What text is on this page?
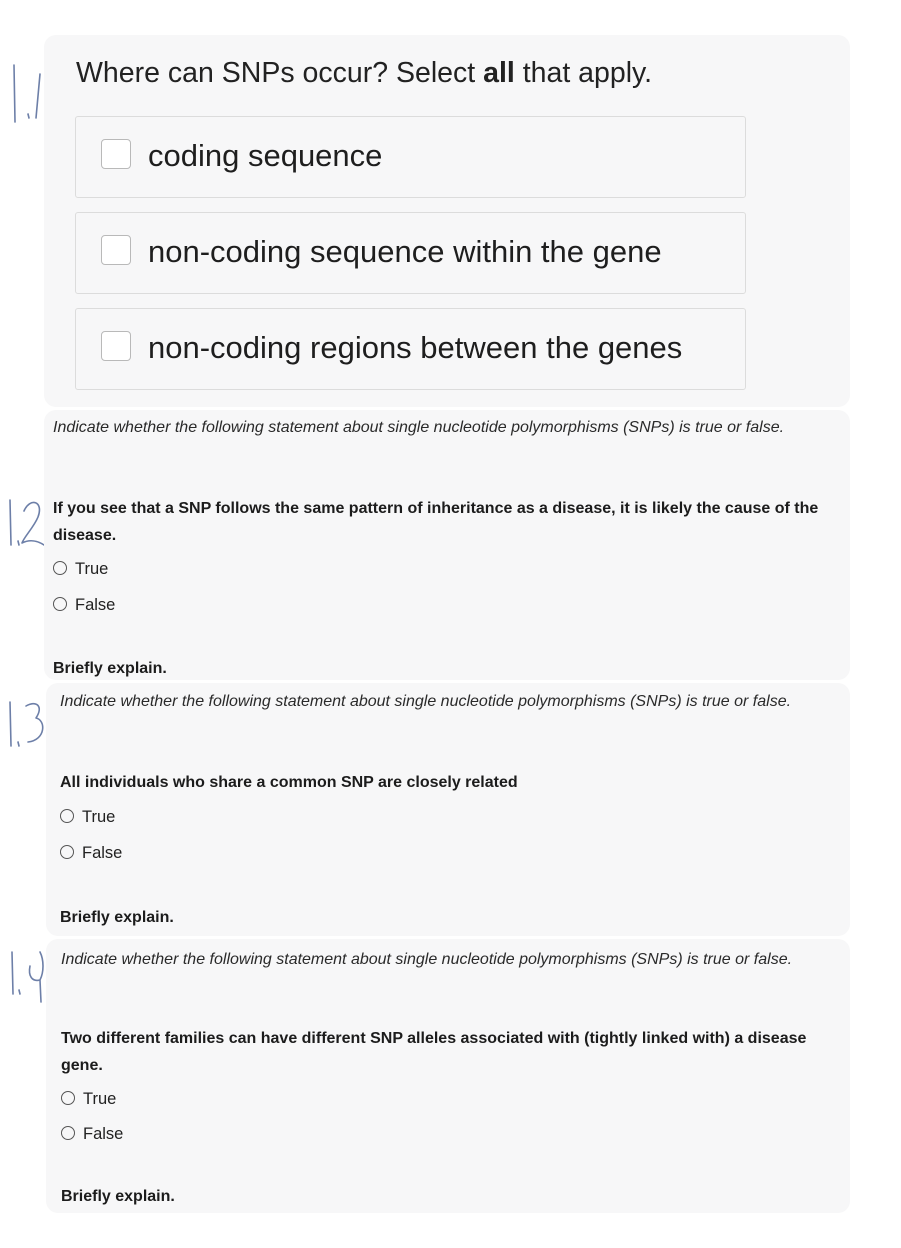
Where can SNPs occur? Select all that apply.
coding sequence
non-coding sequence within the gene
non-coding regions between the genes
Indicate whether the following statement about single nucleotide polymorphisms (SNPs) is true or false.
If you see that a SNP follows the same pattern of inheritance as a disease, it is likely the cause of the disease.
True
False
Briefly explain.
Indicate whether the following statement about single nucleotide polymorphisms (SNPs) is true or false.
All individuals who share a common SNP are closely related
True
False
Briefly explain.
Indicate whether the following statement about single nucleotide polymorphisms (SNPs) is true or false.
Two different families can have different SNP alleles associated with (tightly linked with) a disease gene.
True
False
Briefly explain.
